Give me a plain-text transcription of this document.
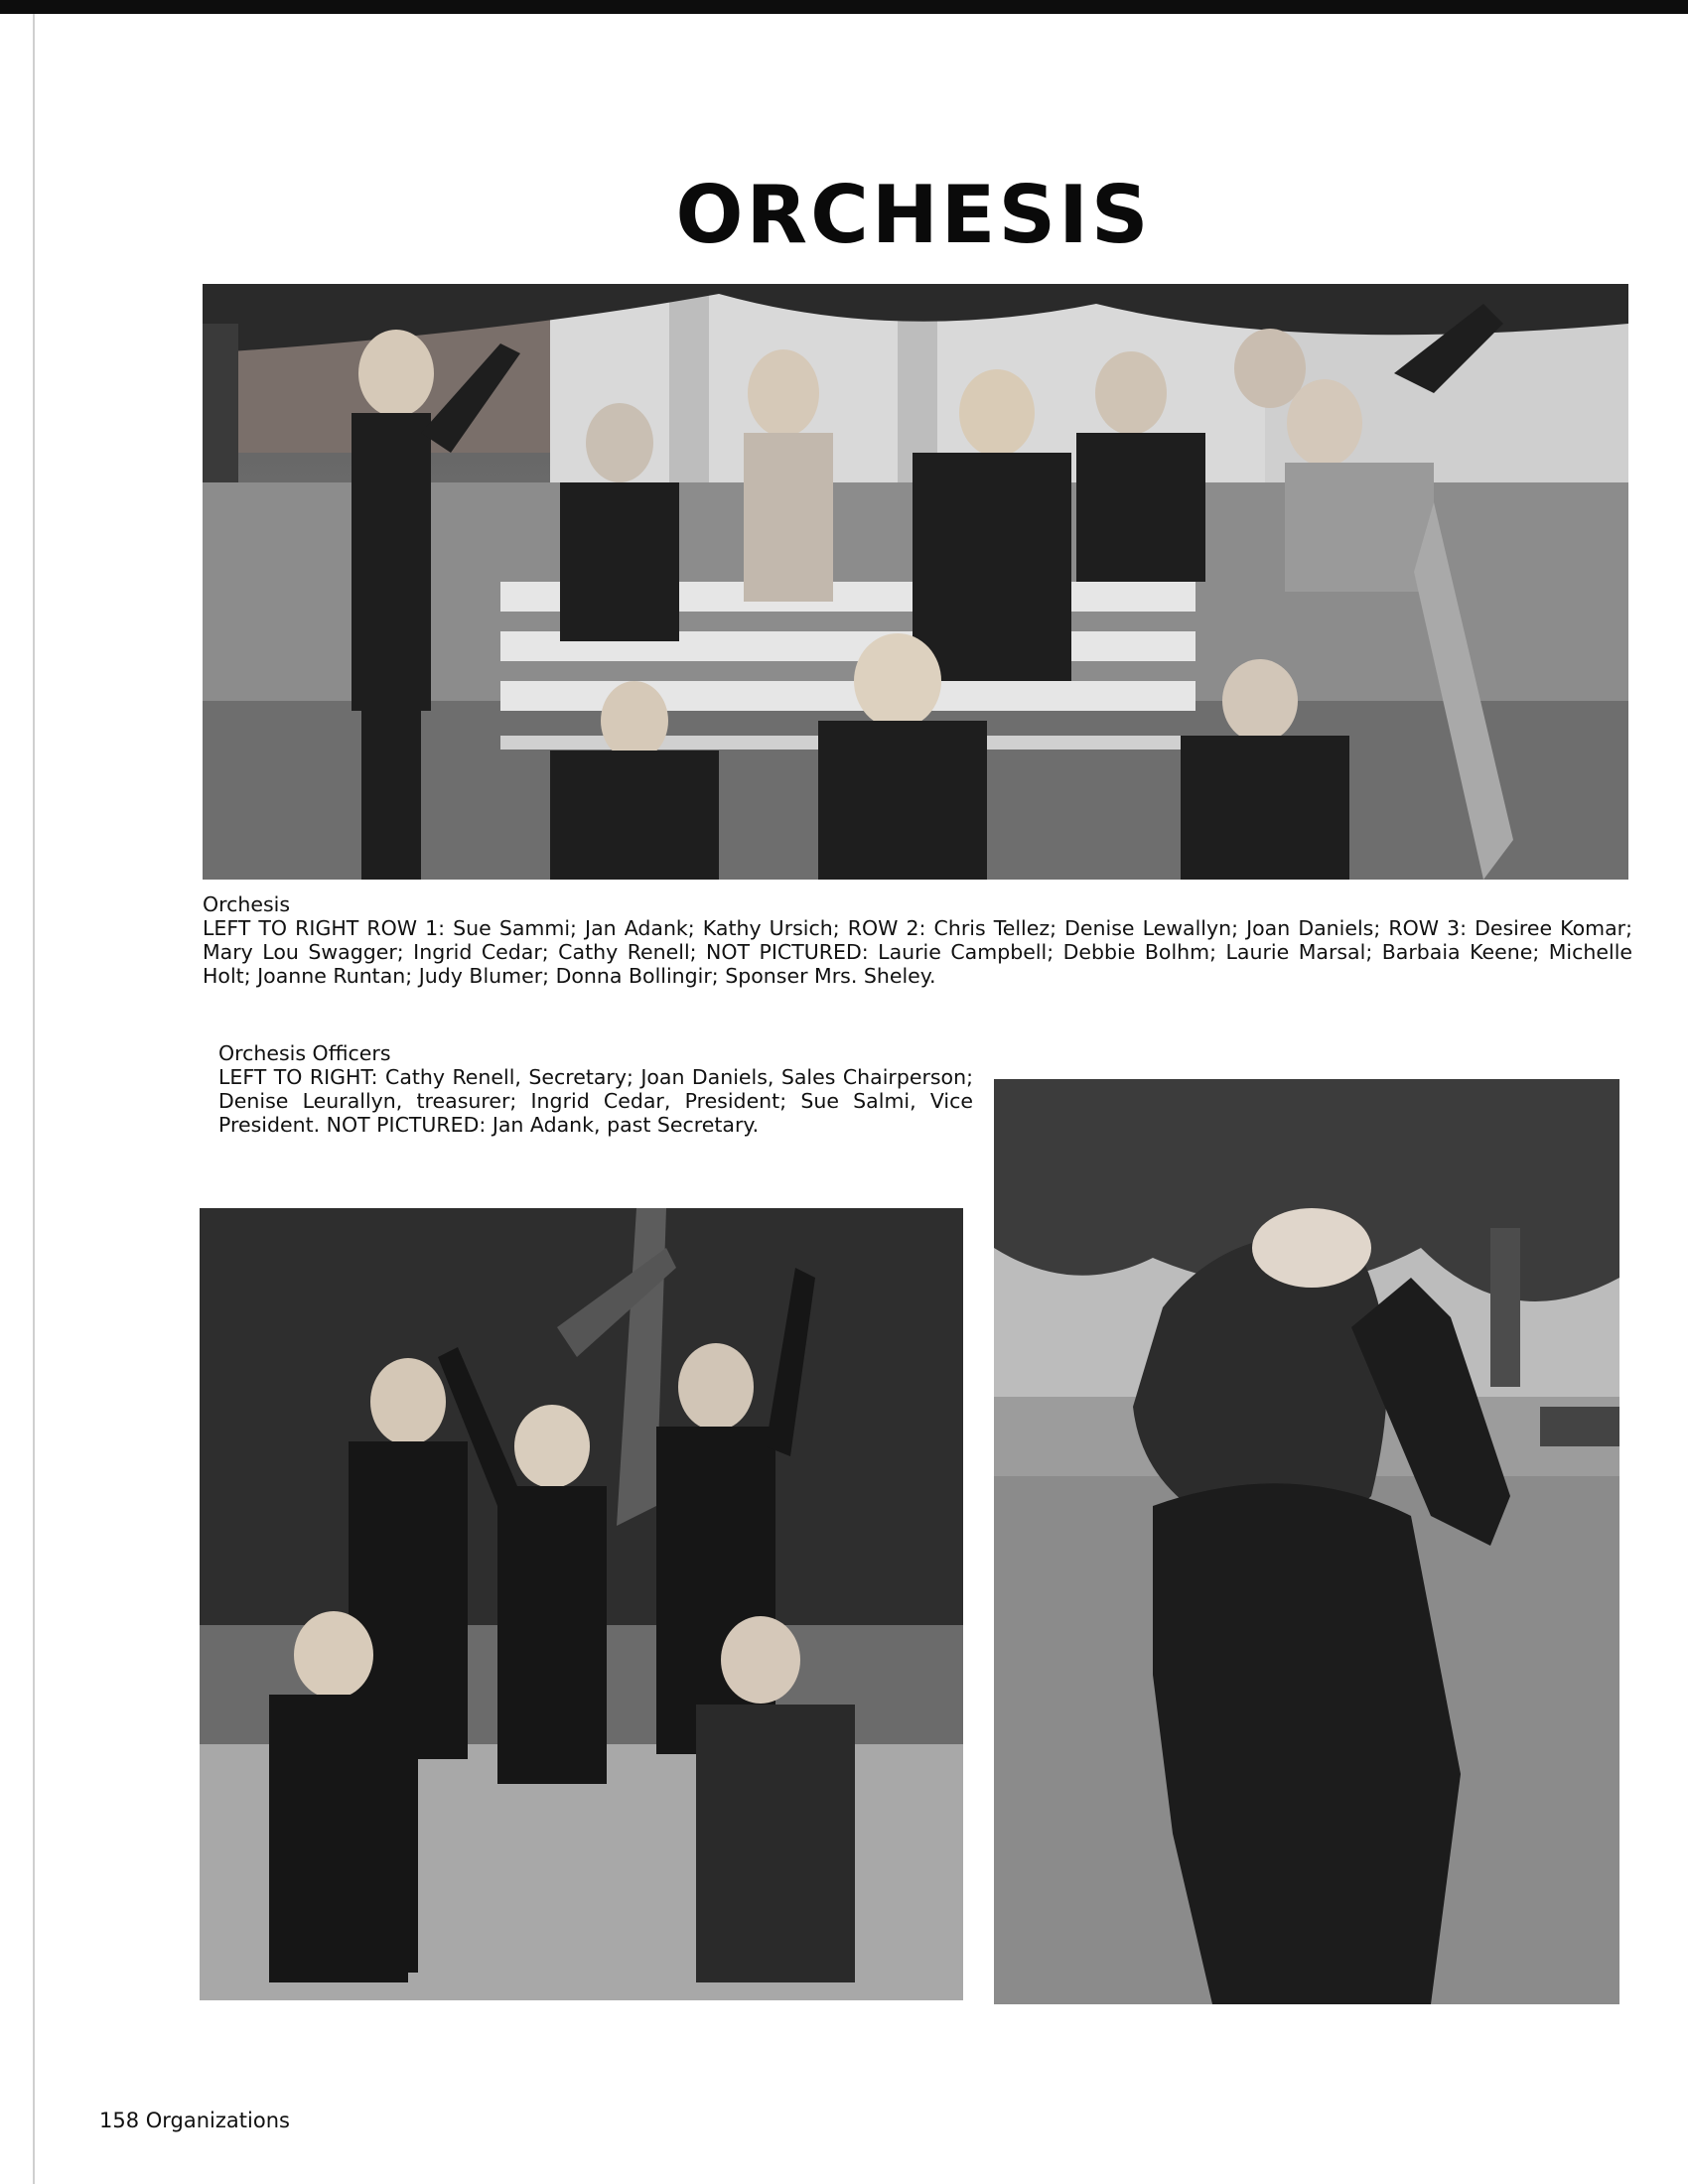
ORCHESIS
Orchesis
LEFT TO RIGHT ROW 1: Sue Sammi; Jan Adank; Kathy Ursich; ROW 2: Chris Tellez; Denise Lewallyn; Joan Daniels; ROW 3: Desiree Komar; Mary Lou Swagger; Ingrid Cedar; Cathy Renell; NOT PICTURED: Laurie Campbell; Debbie Bolhm; Laurie Marsal; Barbaia Keene; Michelle Holt; Joanne Runtan; Judy Blumer; Donna Bollingir; Sponser Mrs. Sheley.
Orchesis Officers
LEFT TO RIGHT: Cathy Renell, Secretary; Joan Daniels, Sales Chairperson; Denise Leurallyn, treasurer; Ingrid Cedar, President; Sue Salmi, Vice President. NOT PICTURED: Jan Adank, past Secretary.
158 Organizations
